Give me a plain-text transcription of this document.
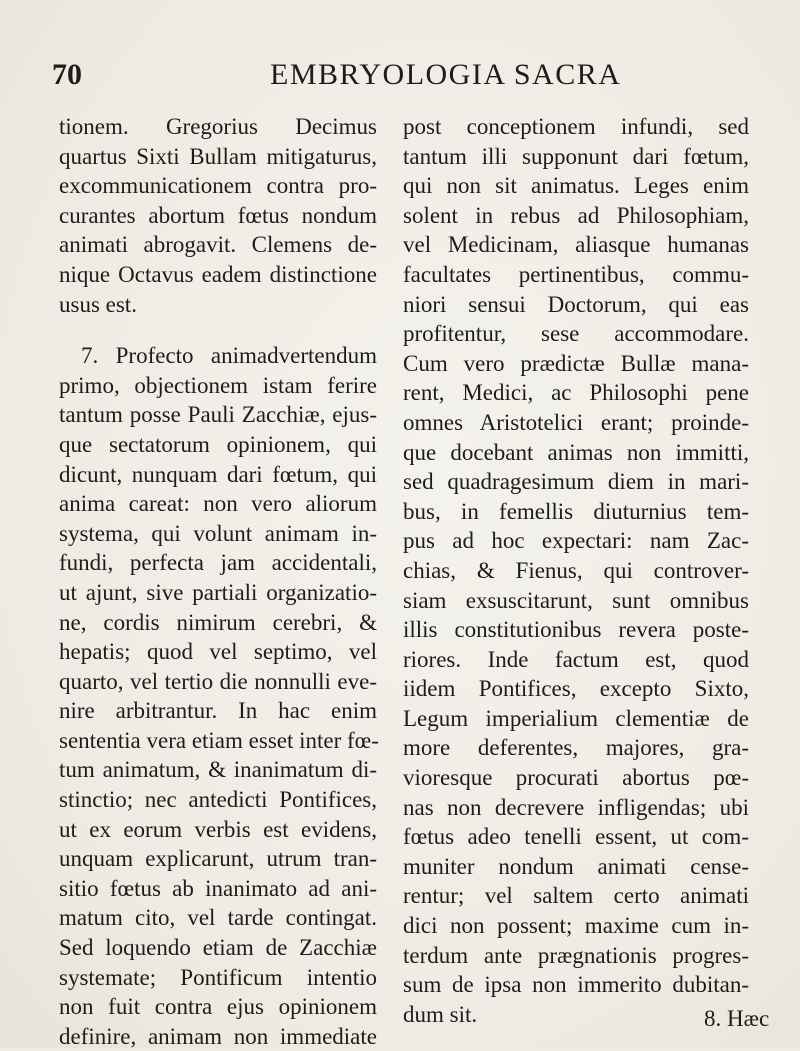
70	EMBRYOLOGIA SACRA
tionem. Gregorius Decimus
quartus Sixti Bullam mitigaturus,
excommunicationem contra pro-
curantes abortum fœtus nondum
animati abrogavit. Clemens de-
nique Octavus eadem distinctione
usus est.
7. Profecto animadvertendum
primo, objectionem istam ferire
tantum posse Pauli Zacchiæ, ejus-
que sectatorum opinionem, qui
dicunt, nunquam dari fœtum, qui
anima careat: non vero aliorum
systema, qui volunt animam in-
fundi, perfecta jam accidentali,
ut ajunt, sive partiali organizatio-
ne, cordis nimirum cerebri, &
hepatis; quod vel septimo, vel
quarto, vel tertio die nonnulli eve-
nire arbitrantur. In hac enim
sententia vera etiam esset inter fœ-
tum animatum, & inanimatum di-
stinctio; nec antedicti Pontifices,
ut ex eorum verbis est evidens,
unquam explicarunt, utrum tran-
sitio fœtus ab inanimato ad ani-
matum cito, vel tarde contingat.
Sed loquendo etiam de Zacchiæ
systemate; Pontificum intentio
non fuit contra ejus opinionem
definire, animam non immediate
post conceptionem infundi, sed
tantum illi supponunt dari fœtum,
qui non sit animatus. Leges enim
solent in rebus ad Philosophiam,
vel Medicinam, aliasque humanas
facultates pertinentibus, commu-
niori sensui Doctorum, qui eas
profitentur, sese accommodare.
Cum vero prædictæ Bullæ mana-
rent, Medici, ac Philosophi pene
omnes Aristotelici erant; proinde-
que docebant animas non immitti,
sed quadragesimum diem in mari-
bus, in femellis diuturnius tem-
pus ad hoc expectari: nam Zac-
chias, & Fienus, qui controver-
siam exsuscitarunt, sunt omnibus
illis constitutionibus revera poste-
riores. Inde factum est, quod
iidem Pontifices, excepto Sixto,
Legum imperialium clementiæ de
more deferentes, majores, gra-
vioresque procurati abortus pœ-
nas non decrevere infligendas; ubi
fœtus adeo tenelli essent, ut com-
muniter nondum animati cense-
rentur; vel saltem certo animati
dici non possent; maxime cum in-
terdum ante prægnationis progres-
sum de ipsa non immerito dubitan-
dum sit.	8. Hæc
